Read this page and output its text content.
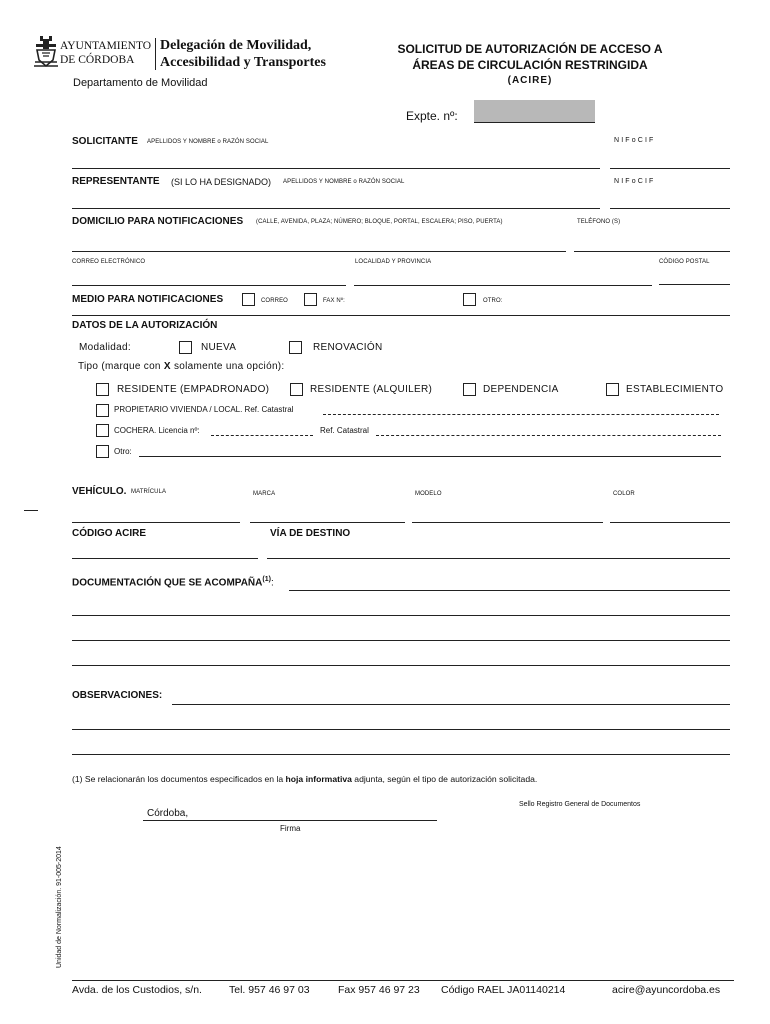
AYUNTAMIENTO
DE CÓRDOBA
Delegación de Movilidad,
Accesibilidad y Transportes
Departamento de Movilidad
SOLICITUD DE AUTORIZACIÓN DE ACCESO A
ÁREAS DE CIRCULACIÓN RESTRINGIDA
(ACIRE)
Expte. nº:
SOLICITANTE APELLIDOS Y NOMBRE o RAZÓN SOCIAL	N I F o C I F
REPRESENTANTE (SI LO HA DESIGNADO) APELLIDOS Y NOMBRE o RAZÓN SOCIAL	N I F o C I F
DOMICILIO PARA NOTIFICACIONES (CALLE, AVENIDA, PLAZA; NÚMERO; BLOQUE, PORTAL, ESCALERA; PISO, PUERTA)	TELÉFONO (S)
CORREO ELECTRÓNICO	LOCALIDAD Y PROVINCIA	CÓDIGO POSTAL
MEDIO PARA NOTIFICACIONES	CORREO	FAX Nº:	OTRO:
DATOS DE LA AUTORIZACIÓN
Modalidad:	NUEVA	RENOVACIÓN
Tipo (marque con X solamente una opción):
RESIDENTE (EMPADRONADO)	RESIDENTE (ALQUILER)	DEPENDENCIA	ESTABLECIMIENTO
PROPIETARIO VIVIENDA / LOCAL. Ref. Catastral
COCHERA. Licencia nº:	Ref. Catastral
Otro:
VEHÍCULO. MATRÍCULA	MARCA	MODELO	COLOR
CÓDIGO ACIRE	VÍA DE DESTINO
DOCUMENTACIÓN QUE SE ACOMPAÑA$^{(1)}$:
OBSERVACIONES:
(1) Se relacionarán los documentos especificados en la hoja informativa adjunta, según el tipo de autorización solicitada.
Córdoba,
Firma
Sello Registro General de Documentos
Unidad de Normalización. 91-005-2014
Avda. de los Custodios, s/n.	Tel. 957 46 97 03	Fax 957 46 97 23 Código RAEL JA01140214	acire@ayuncordoba.es
